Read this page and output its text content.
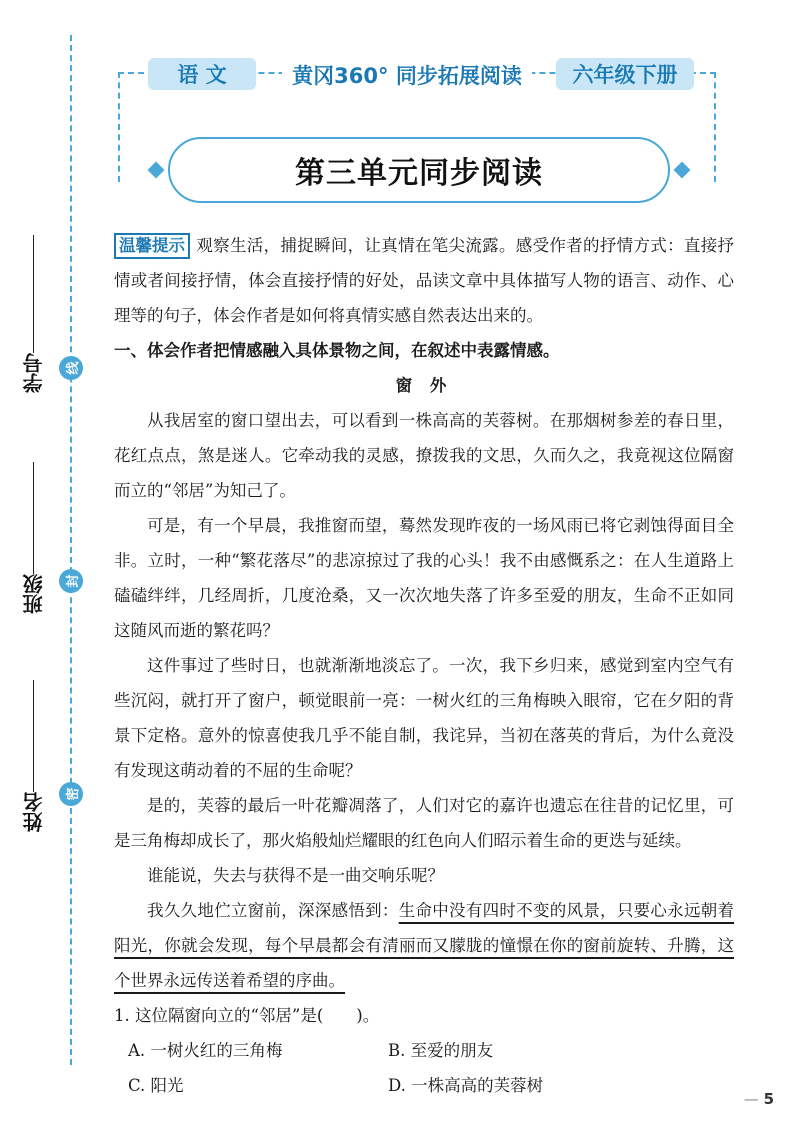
学号	线
班级	封
姓名	密
语 文	黄冈360° 同步拓展阅读	六年级下册
第三单元同步阅读

温馨提示 观察生活，捕捉瞬间，让真情在笔尖流露。感受作者的抒情方式：直接抒情或者间接抒情，体会直接抒情的好处，品读文章中具体描写人物的语言、动作、心理等的句子，体会作者是如何将真情实感自然表达出来的。

一、体会作者把情感融入具体景物之间，在叙述中表露情感。

窗 外

从我居室的窗口望出去，可以看到一株高高的芙蓉树。在那烟树参差的春日里，花红点点，煞是迷人。它牵动我的灵感，撩拨我的文思，久而久之，我竟视这位隔窗而立的“邻居”为知己了。

可是，有一个早晨，我推窗而望，蓦然发现昨夜的一场风雨已将它剥蚀得面目全非。立时，一种“繁花落尽”的悲凉掠过了我的心头！我不由感慨系之：在人生道路上磕磕绊绊，几经周折，几度沧桑，又一次次地失落了许多至爱的朋友，生命不正如同这随风而逝的繁花吗？

这件事过了些时日，也就渐渐地淡忘了。一次，我下乡归来，感觉到室内空气有些沉闷，就打开了窗户，顿觉眼前一亮：一树火红的三角梅映入眼帘，它在夕阳的背景下定格。意外的惊喜使我几乎不能自制，我诧异，当初在落英的背后，为什么竟没有发现这萌动着的不屈的生命呢？

是的，芙蓉的最后一叶花瓣凋落了，人们对它的嘉许也遗忘在往昔的记忆里，可是三角梅却成长了，那火焰般灿烂耀眼的红色向人们昭示着生命的更迭与延续。

谁能说，失去与获得不是一曲交响乐呢？

我久久地伫立窗前，深深感悟到：生命中没有四时不变的风景，只要心永远朝着阳光，你就会发现，每个早晨都会有清丽而又朦胧的憧憬在你的窗前旋转、升腾，这个世界永远传送着希望的序曲。

1. 这位隔窗向立的“邻居”是(　　)。

A. 一树火红的三角梅	B. 至爱的朋友
C. 阳光	D. 一株高高的芙蓉树
— 5
